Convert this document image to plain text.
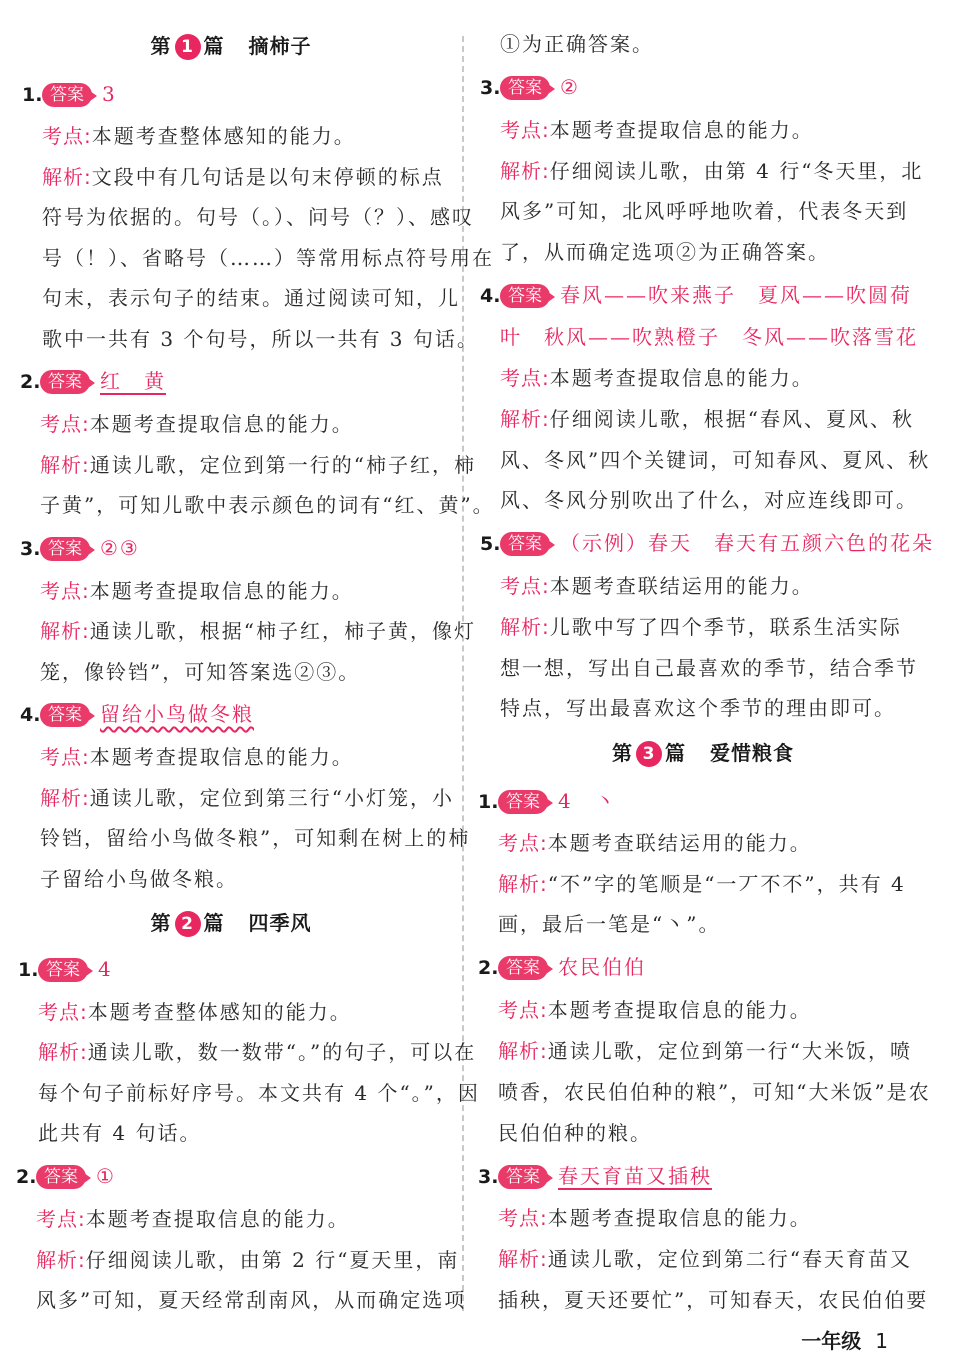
第 1 篇 摘柿子
1. 答案 3
考点:本题考查整体感知的能力。
解析:文段中有几句话是以句末停顿的标点
符号为依据的。句号（。）、问号（？）、感叹
号（！）、省略号（……）等常用标点符号用在
句末，表示句子的结束。通过阅读可知，儿
歌中一共有 3 个句号，所以一共有 3 句话。
2. 答案 红　黄
考点:本题考查提取信息的能力。
解析:通读儿歌，定位到第一行的“柿子红，柿
子黄”，可知儿歌中表示颜色的词有“红、黄”。
3. 答案 ②③
考点:本题考查提取信息的能力。
解析:通读儿歌，根据“柿子红，柿子黄，像灯
笼，像铃铛”，可知答案选②③。
4. 答案 留给小鸟做冬粮
考点:本题考查提取信息的能力。
解析:通读儿歌，定位到第三行“小灯笼，小
铃铛，留给小鸟做冬粮”，可知剩在树上的柿
子留给小鸟做冬粮。
第 2 篇 四季风
1. 答案 4
考点:本题考查整体感知的能力。
解析:通读儿歌，数一数带“。”的句子，可以在
每个句子前标好序号。本文共有 4 个“。”，因
此共有 4 句话。
2. 答案 ①
考点:本题考查提取信息的能力。
解析:仔细阅读儿歌，由第 2 行“夏天里，南
风多”可知，夏天经常刮南风，从而确定选项
①为正确答案。
3. 答案 ②
考点:本题考查提取信息的能力。
解析:仔细阅读儿歌，由第 4 行“冬天里，北
风多”可知，北风呼呼地吹着，代表冬天到
了，从而确定选项②为正确答案。
4. 答案 春风——吹来燕子　夏风——吹圆荷
叶　秋风——吹熟橙子　冬风——吹落雪花
考点:本题考查提取信息的能力。
解析:仔细阅读儿歌，根据“春风、夏风、秋
风、冬风”四个关键词，可知春风、夏风、秋
风、冬风分别吹出了什么，对应连线即可。
5. 答案 （示例）春天　春天有五颜六色的花朵
考点:本题考查联结运用的能力。
解析:儿歌中写了四个季节，联系生活实际
想一想，写出自己最喜欢的季节，结合季节
特点，写出最喜欢这个季节的理由即可。
第 3 篇 爱惜粮食
1. 答案 4　丶
考点:本题考查联结运用的能力。
解析:“不”字的笔顺是“一丆不不”，共有 4
画，最后一笔是“丶”。
2. 答案 农民伯伯
考点:本题考查提取信息的能力。
解析:通读儿歌，定位到第一行“大米饭，喷
喷香，农民伯伯种的粮”，可知“大米饭”是农
民伯伯种的粮。
3. 答案 春天育苗又插秧
考点:本题考查提取信息的能力。
解析:通读儿歌，定位到第二行“春天育苗又
插秧，夏天还要忙”，可知春天，农民伯伯要
一年级 1
